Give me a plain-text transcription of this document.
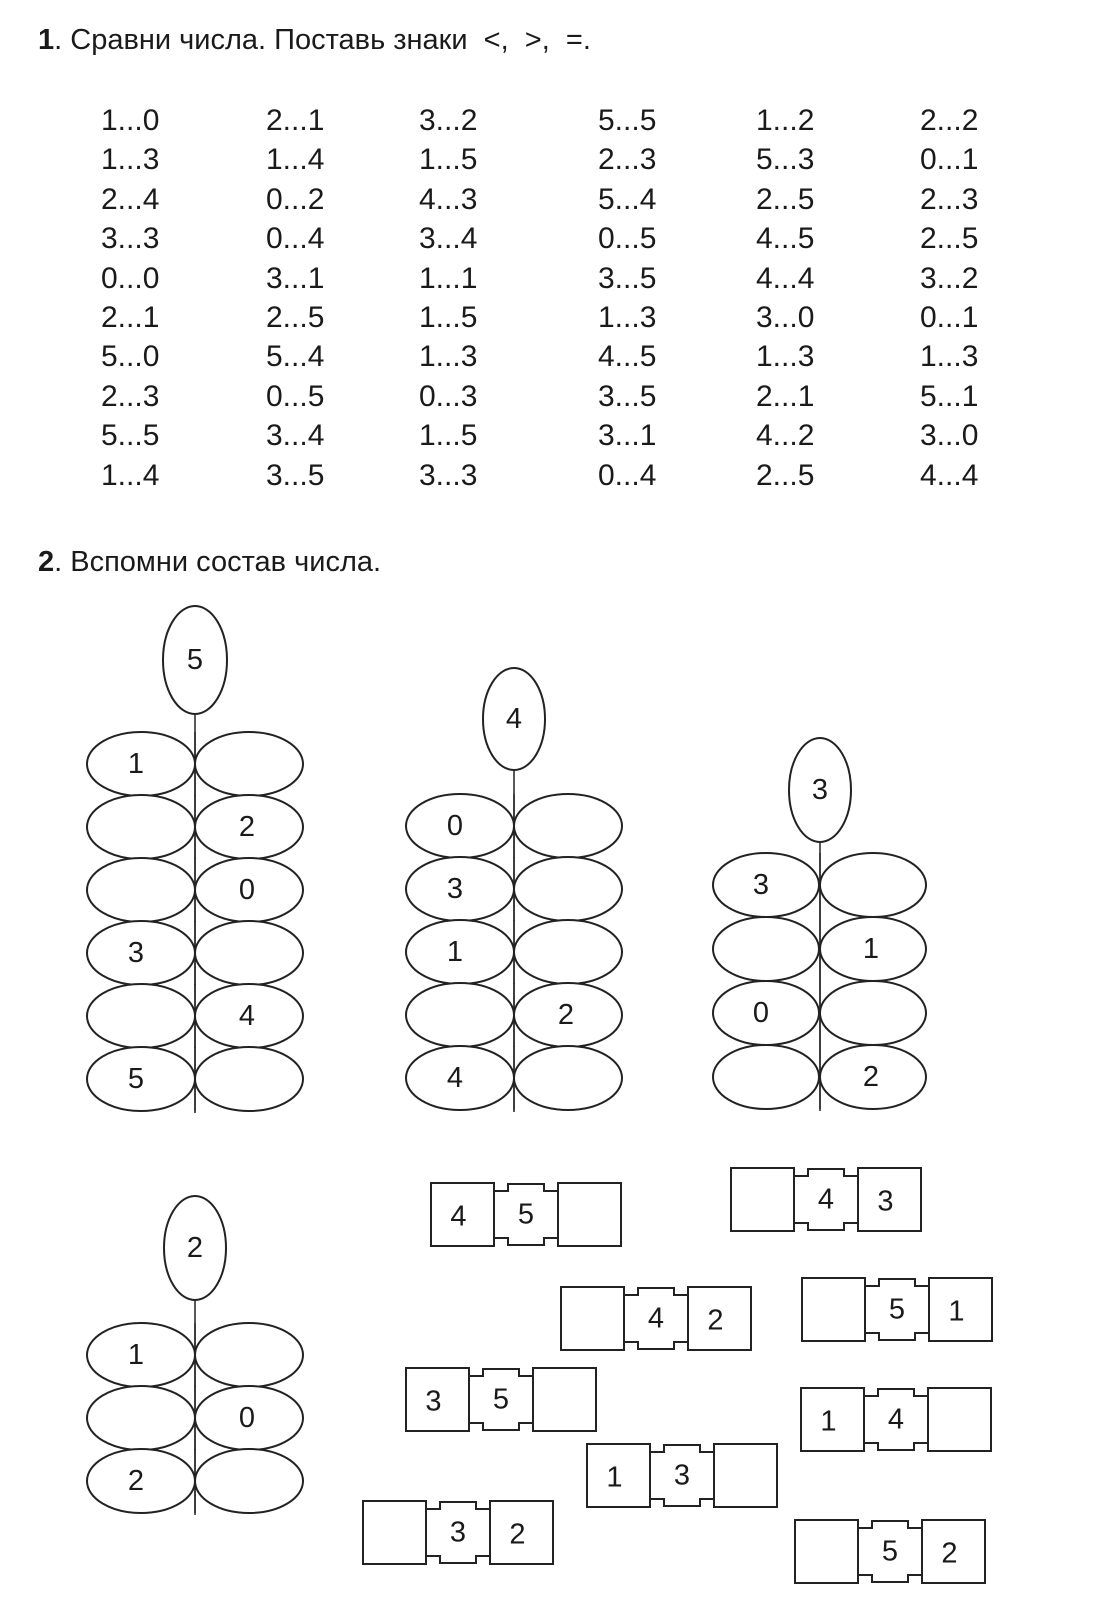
1. Сравни числа. Поставь знаки  <,  >,  =.
1...0
1...3
2...4
3...3
0...0
2...1
5...0
2...3
5...5
1...4
2...1
1...4
0...2
0...4
3...1
2...5
5...4
0...5
3...4
3...5
3...2
1...5
4...3
3...4
1...1
1...5
1...3
0...3
1...5
3...3
5...5
2...3
5...4
0...5
3...5
1...3
4...5
3...5
3...1
0...4
1...2
5...3
2...5
4...5
4...4
3...0
1...3
2...1
4...2
2...5
2...2
0...1
2...3
2...5
3...2
0...1
1...3
5...1
3...0
4...4
2. Вспомни состав числа.
5
1
2
0
3
4
5
4
0
3
1
2
4
3
3
1
0
2
2
1
0
2
4 5	4 3
4 2	5 1
3 5
1 4
1 3
3 2
5 2
